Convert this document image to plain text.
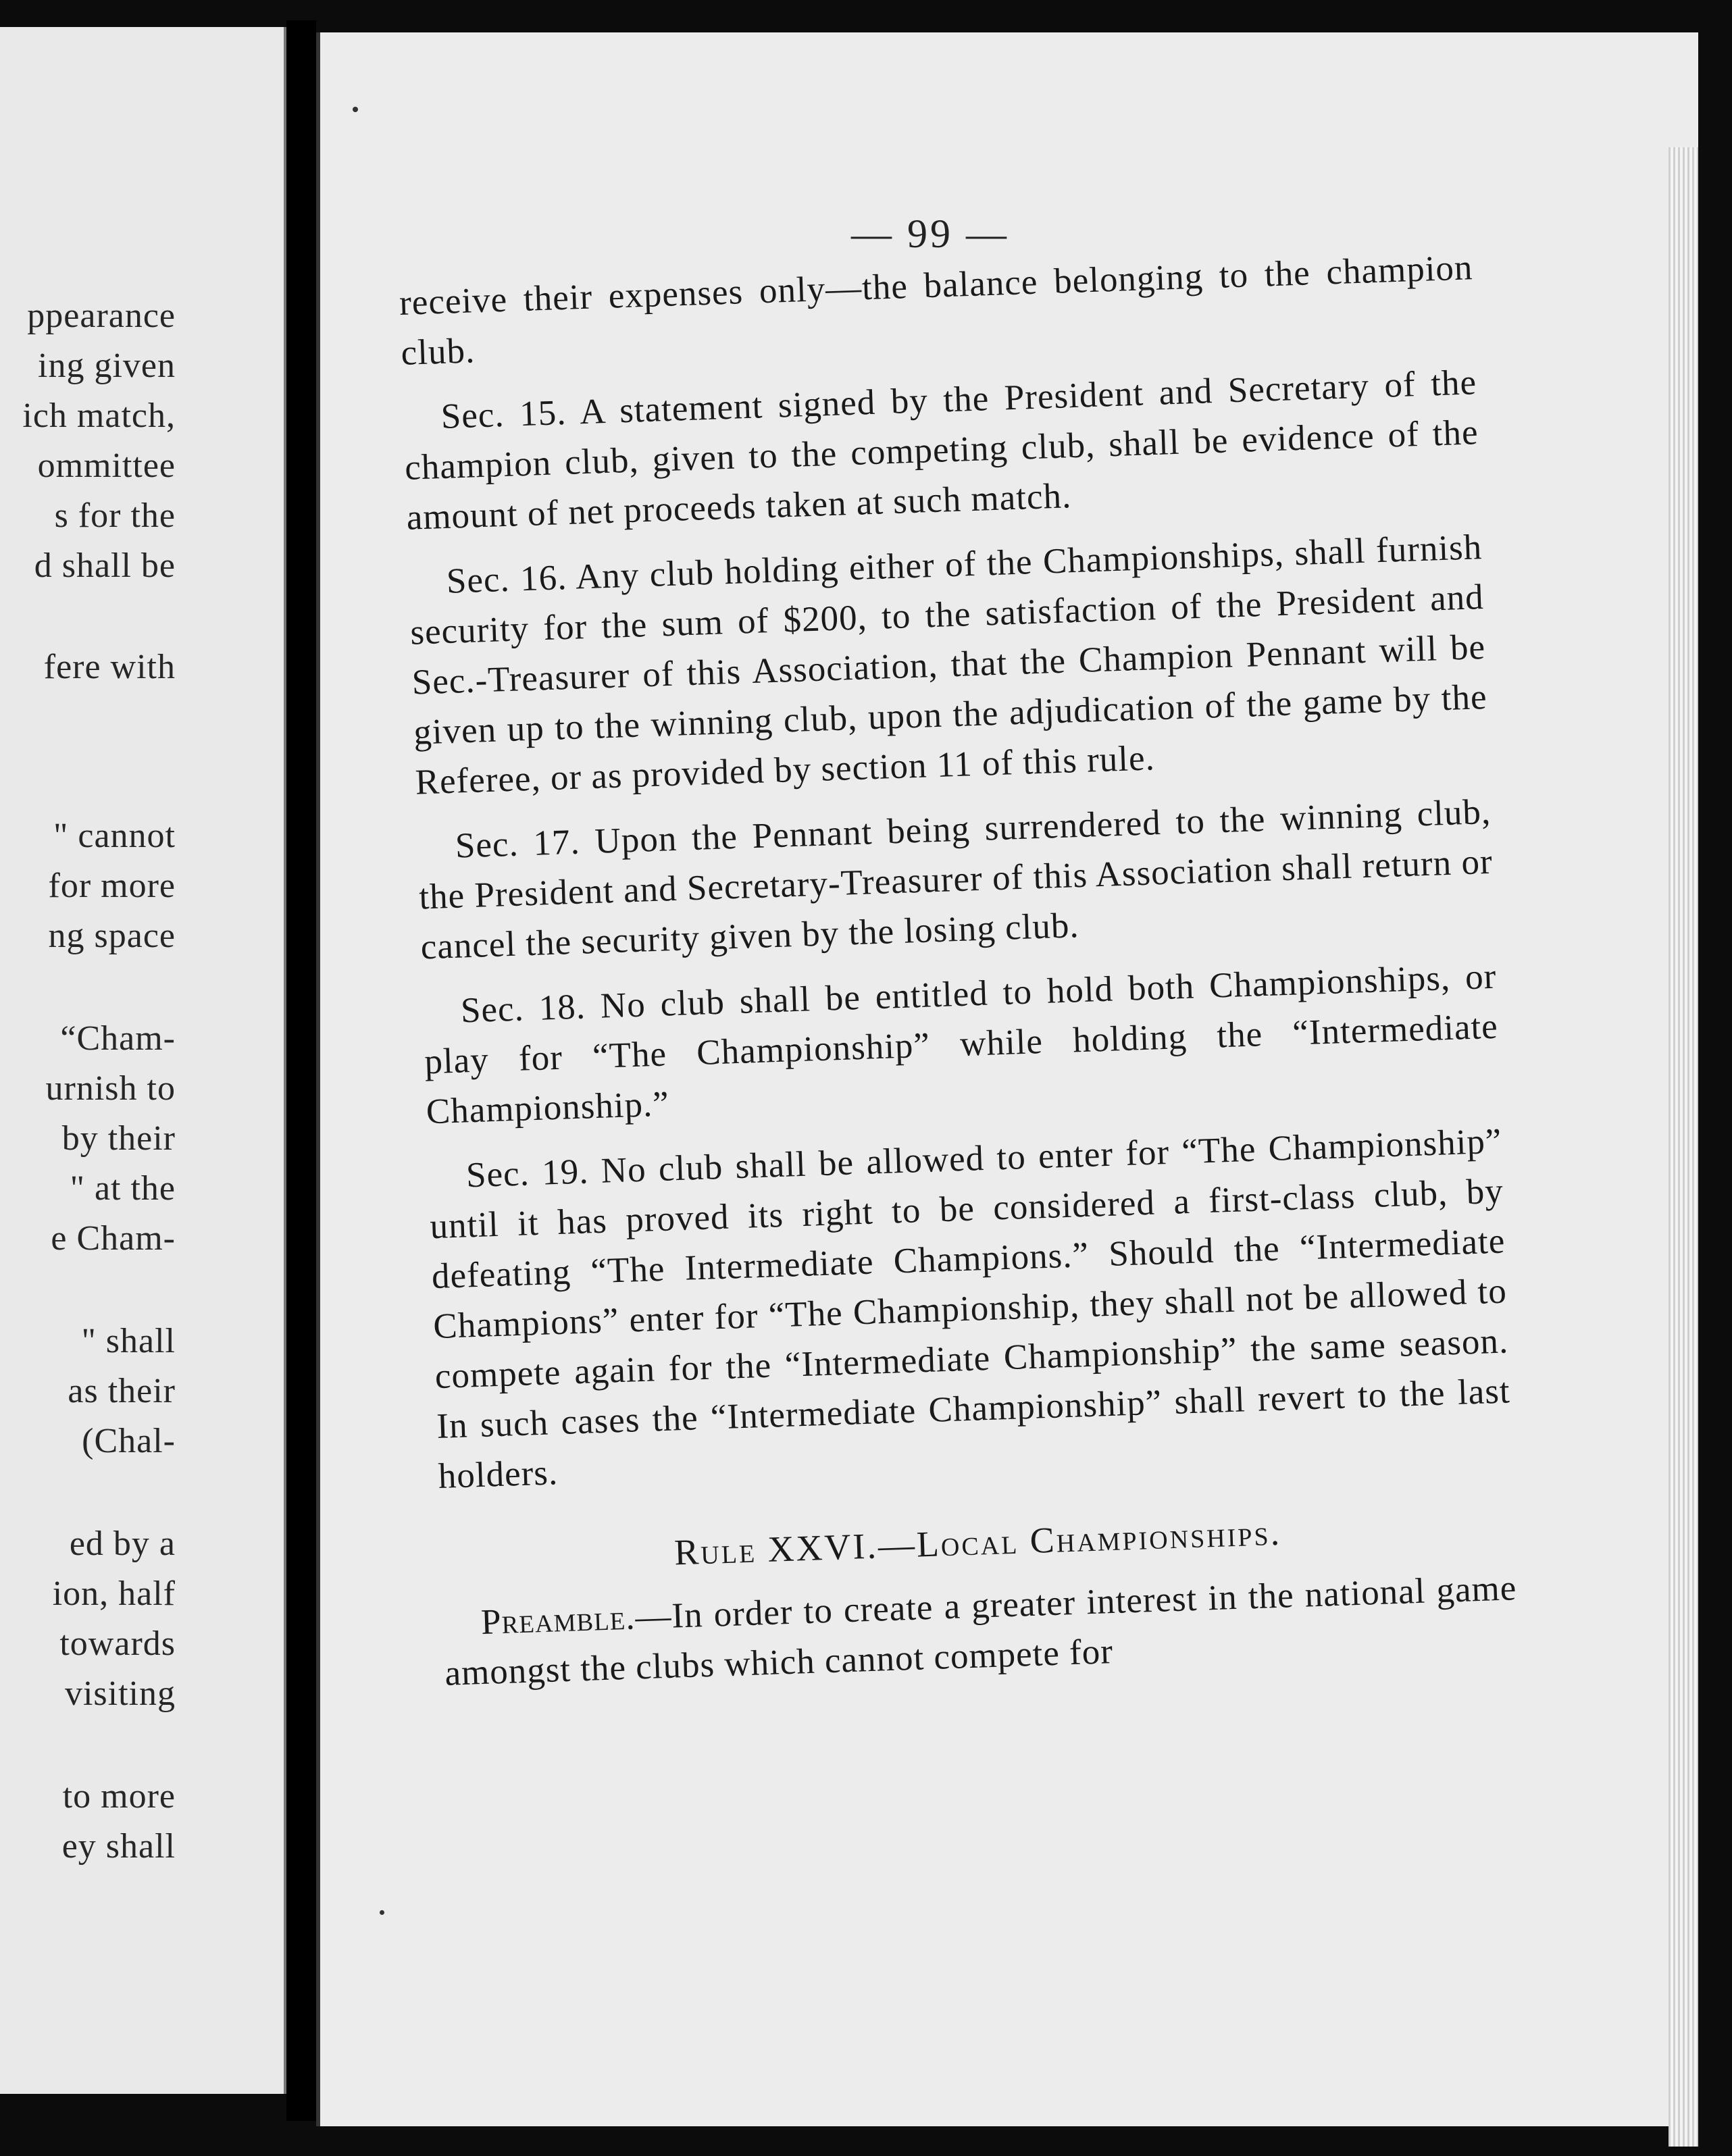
ppearance
ing given
ich match,
ommittee
s for the
d shall be
fere with
" cannot
for more
ng space
“Cham-
urnish to
by their
" at the
e Cham-
" shall
as their
(Chal-
ed by a
ion, half
towards
visiting
to more
ey shall
— 99 —

receive their expenses only—the balance belonging to the champion club.

Sec. 15. A statement signed by the President and Secretary of the champion club, given to the competing club, shall be evidence of the amount of net proceeds taken at such match.

Sec. 16. Any club holding either of the Championships, shall furnish security for the sum of $200, to the satisfaction of the President and Sec.-Treasurer of this Association, that the Champion Pennant will be given up to the winning club, upon the adjudication of the game by the Referee, or as provided by section 11 of this rule.

Sec. 17. Upon the Pennant being surrendered to the winning club, the President and Secretary-Treasurer of this Association shall return or cancel the security given by the losing club.

Sec. 18. No club shall be entitled to hold both Championships, or play for “The Championship” while holding the “Intermediate Championship.”

Sec. 19. No club shall be allowed to enter for “The Championship” until it has proved its right to be considered a first-class club, by defeating “The Intermediate Champions.” Should the “Intermediate Champions” enter for “The Championship, they shall not be allowed to compete again for the “Intermediate Championship” the same season. In such cases the “Intermediate Championship” shall revert to the last holders.

Rule XXVI.—Local Championships.

Preamble.—In order to create a greater interest in the national game amongst the clubs which cannot compete for
